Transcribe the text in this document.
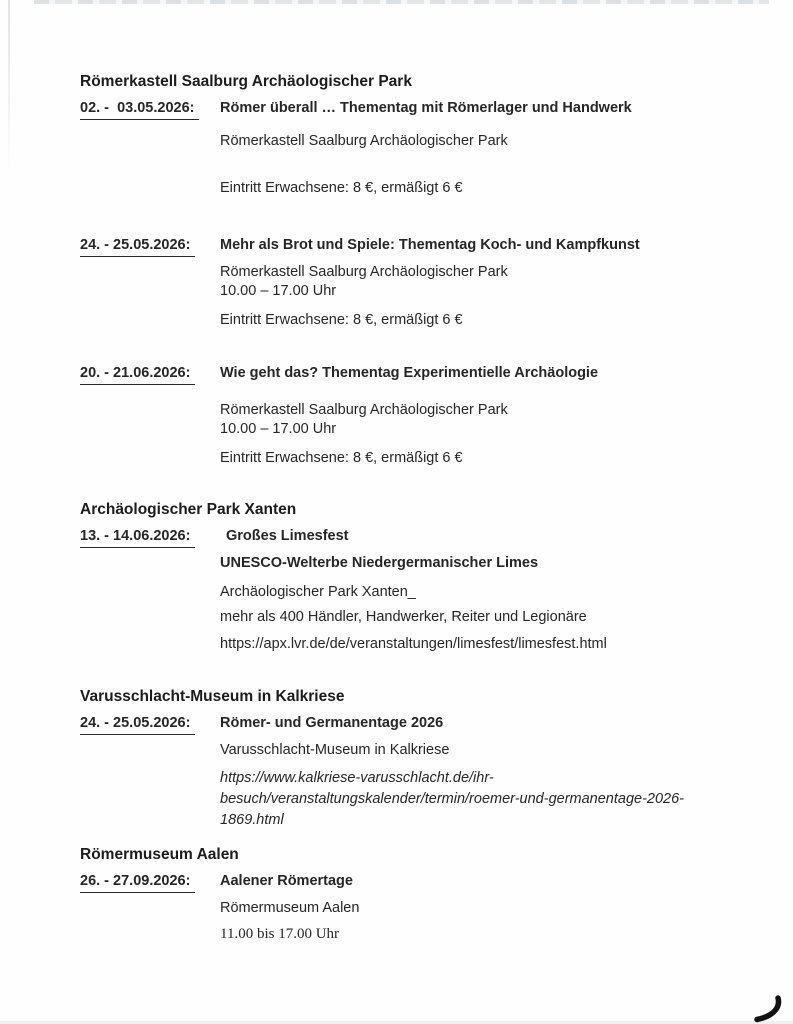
Römerkastell Saalburg Archäologischer Park
02. -  03.05.2026:	Römer überall … Thementag mit Römerlager und Handwerk
Römerkastell Saalburg Archäologischer Park
Eintritt Erwachsene: 8 €, ermäßigt 6 €
24. - 25.05.2026:	Mehr als Brot und Spiele: Thementag Koch- und Kampfkunst
Römerkastell Saalburg Archäologischer Park
10.00 – 17.00 Uhr
Eintritt Erwachsene: 8 €, ermäßigt 6 €
20. - 21.06.2026:	Wie geht das? Thementag Experimentielle Archäologie
Römerkastell Saalburg Archäologischer Park
10.00 – 17.00 Uhr
Eintritt Erwachsene: 8 €, ermäßigt 6 €
Archäologischer Park Xanten
13. - 14.06.2026:	Großes Limesfest
UNESCO-Welterbe Niedergermanischer Limes
Archäologischer Park Xanten_
mehr als 400 Händler, Handwerker, Reiter und Legionäre
https://apx.lvr.de/de/veranstaltungen/limesfest/limesfest.html
Varusschlacht-Museum in Kalkriese
24. - 25.05.2026:	Römer- und Germanentage 2026
Varusschlacht-Museum in Kalkriese
https://www.kalkriese-varusschlacht.de/ihr-
besuch/veranstaltungskalender/termin/roemer-und-germanentage-2026-
1869.html
Römermuseum Aalen
26. - 27.09.2026:	Aalener Römertage
Römermuseum Aalen
11.00 bis 17.00 Uhr
